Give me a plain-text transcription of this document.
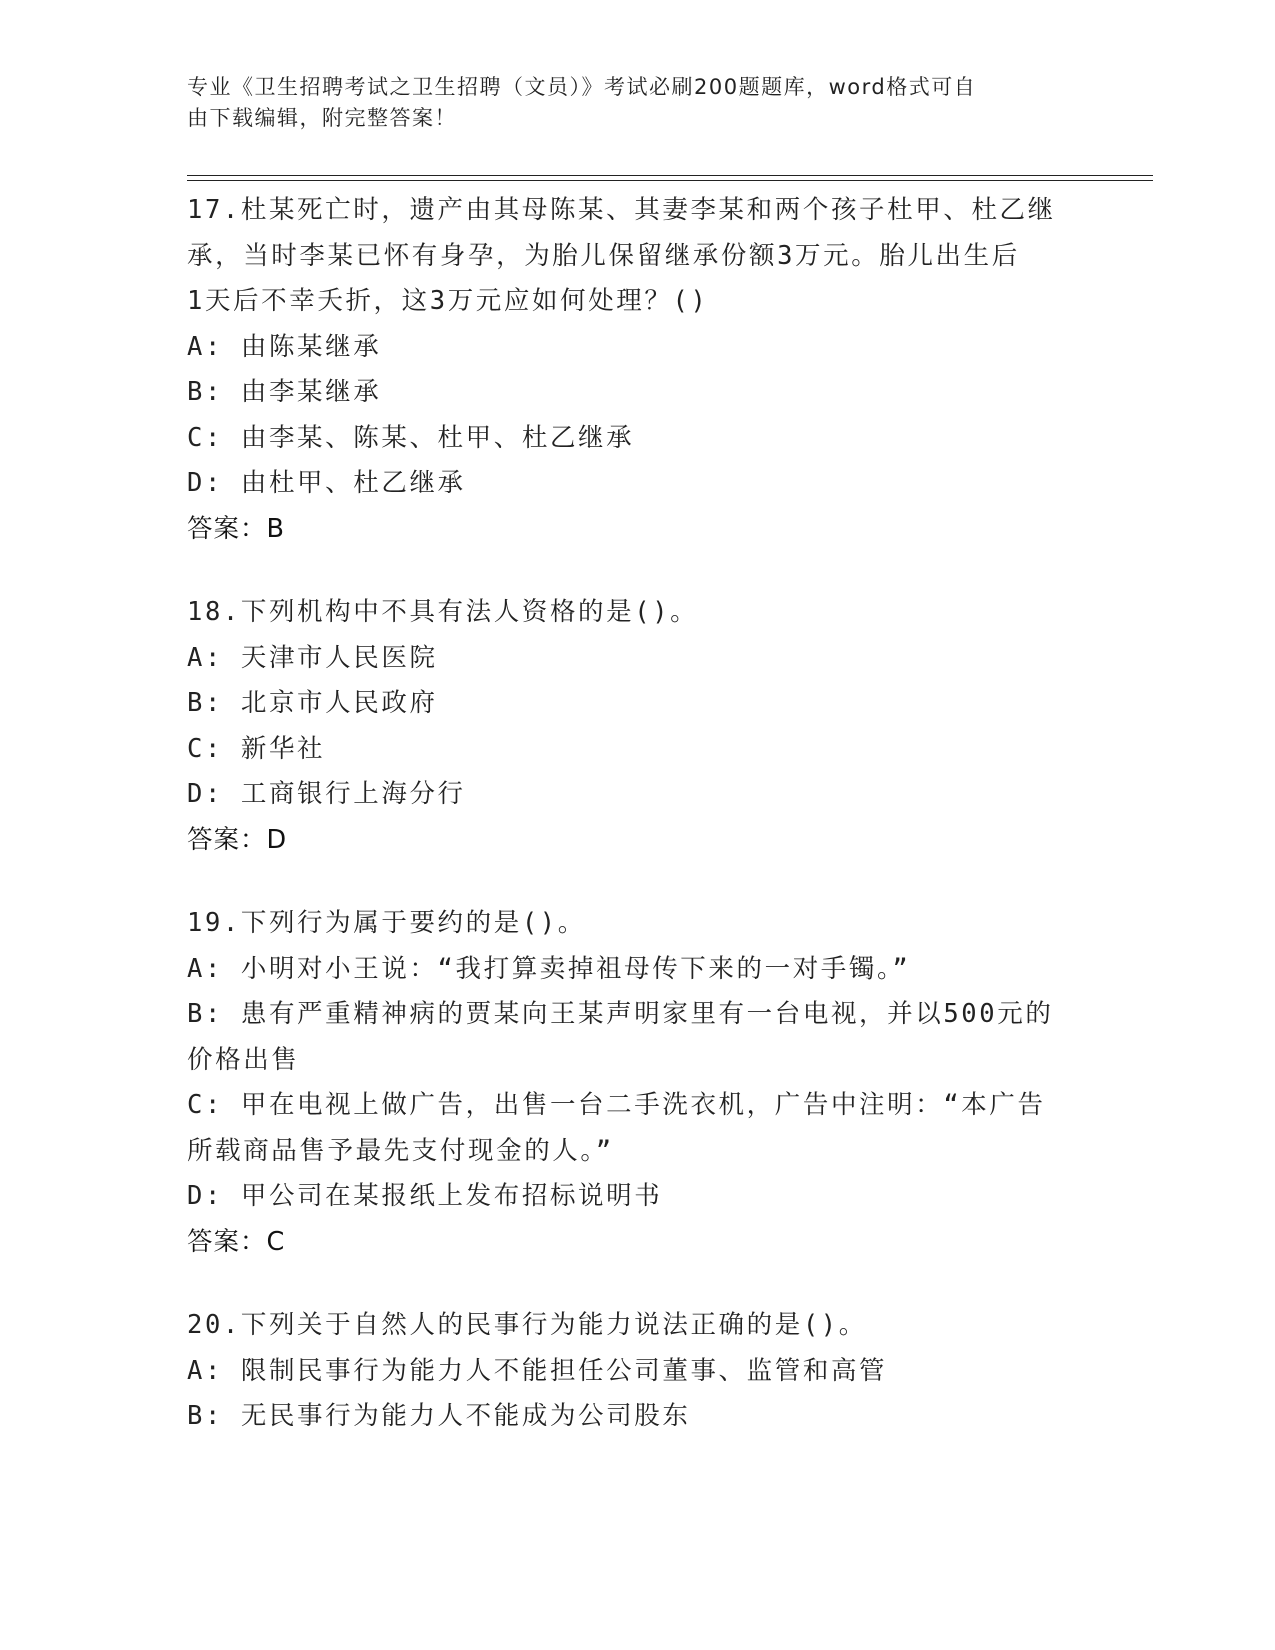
专业《卫生招聘考试之卫生招聘（文员）》考试必刷200题题库，word格式可自
由下载编辑，附完整答案！
17.杜某死亡时，遗产由其母陈某、其妻李某和两个孩子杜甲、杜乙继
承，当时李某已怀有身孕，为胎儿保留继承份额3万元。胎儿出生后
1天后不幸夭折，这3万元应如何处理？()
A: 由陈某继承
B: 由李某继承
C: 由李某、陈某、杜甲、杜乙继承
D: 由杜甲、杜乙继承
答案：B
18.下列机构中不具有法人资格的是()。
A: 天津市人民医院
B: 北京市人民政府
C: 新华社
D: 工商银行上海分行
答案：D
19.下列行为属于要约的是()。
A: 小明对小王说：“我打算卖掉祖母传下来的一对手镯。”
B: 患有严重精神病的贾某向王某声明家里有一台电视，并以500元的
价格出售
C: 甲在电视上做广告，出售一台二手洗衣机，广告中注明：“本广告
所载商品售予最先支付现金的人。”
D: 甲公司在某报纸上发布招标说明书
答案：C
20.下列关于自然人的民事行为能力说法正确的是()。
A: 限制民事行为能力人不能担任公司董事、监管和高管
B: 无民事行为能力人不能成为公司股东
